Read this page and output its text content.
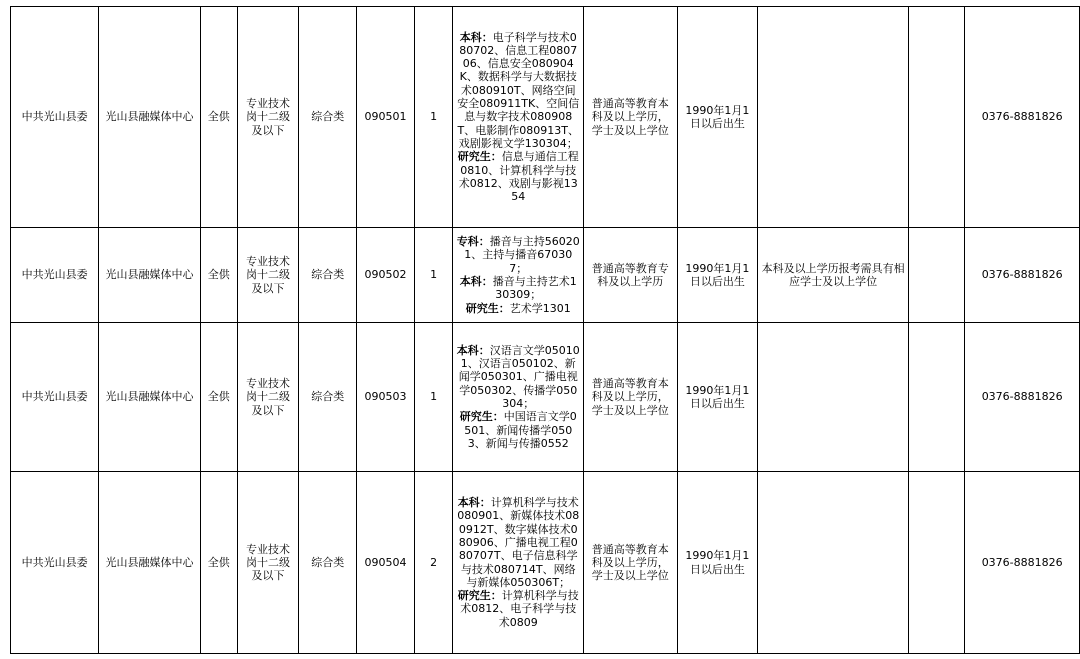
中共光山县委	光山县融媒体中心	全供	专业技术岗十二级及以下	综合类	090501	1	本科：电子科学与技术080702、信息工程080706、信息安全080904K、数据科学与大数据技术080910T、网络空间安全080911TK、空间信息与数字技术080908T、电影制作080913T、戏剧影视文学130304；
研究生：信息与通信工程0810、计算机科学与技术0812、戏剧与影视1354	普通高等教育本科及以上学历，学士及以上学位	1990年1月1日以后出生			0376-8881826
中共光山县委	光山县融媒体中心	全供	专业技术岗十二级及以下	综合类	090502	1	专科：播音与主持560201、主持与播音670307；
本科：播音与主持艺术130309；
研究生：艺术学1301	普通高等教育专科及以上学历	1990年1月1日以后出生	本科及以上学历报考需具有相应学士及以上学位		0376-8881826
中共光山县委	光山县融媒体中心	全供	专业技术岗十二级及以下	综合类	090503	1	本科：汉语言文学050101、汉语言050102、新闻学050301、广播电视学050302、传播学050304；
研究生：中国语言文学0501、新闻传播学0503、新闻与传播0552	普通高等教育本科及以上学历，学士及以上学位	1990年1月1日以后出生			0376-8881826
中共光山县委	光山县融媒体中心	全供	专业技术岗十二级及以下	综合类	090504	2	本科：计算机科学与技术080901、新媒体技术080912T、数字媒体技术080906、广播电视工程080707T、电子信息科学与技术080714T、网络与新媒体050306T；
研究生：计算机科学与技术0812、电子科学与技术0809	普通高等教育本科及以上学历，学士及以上学位	1990年1月1日以后出生			0376-8881826
